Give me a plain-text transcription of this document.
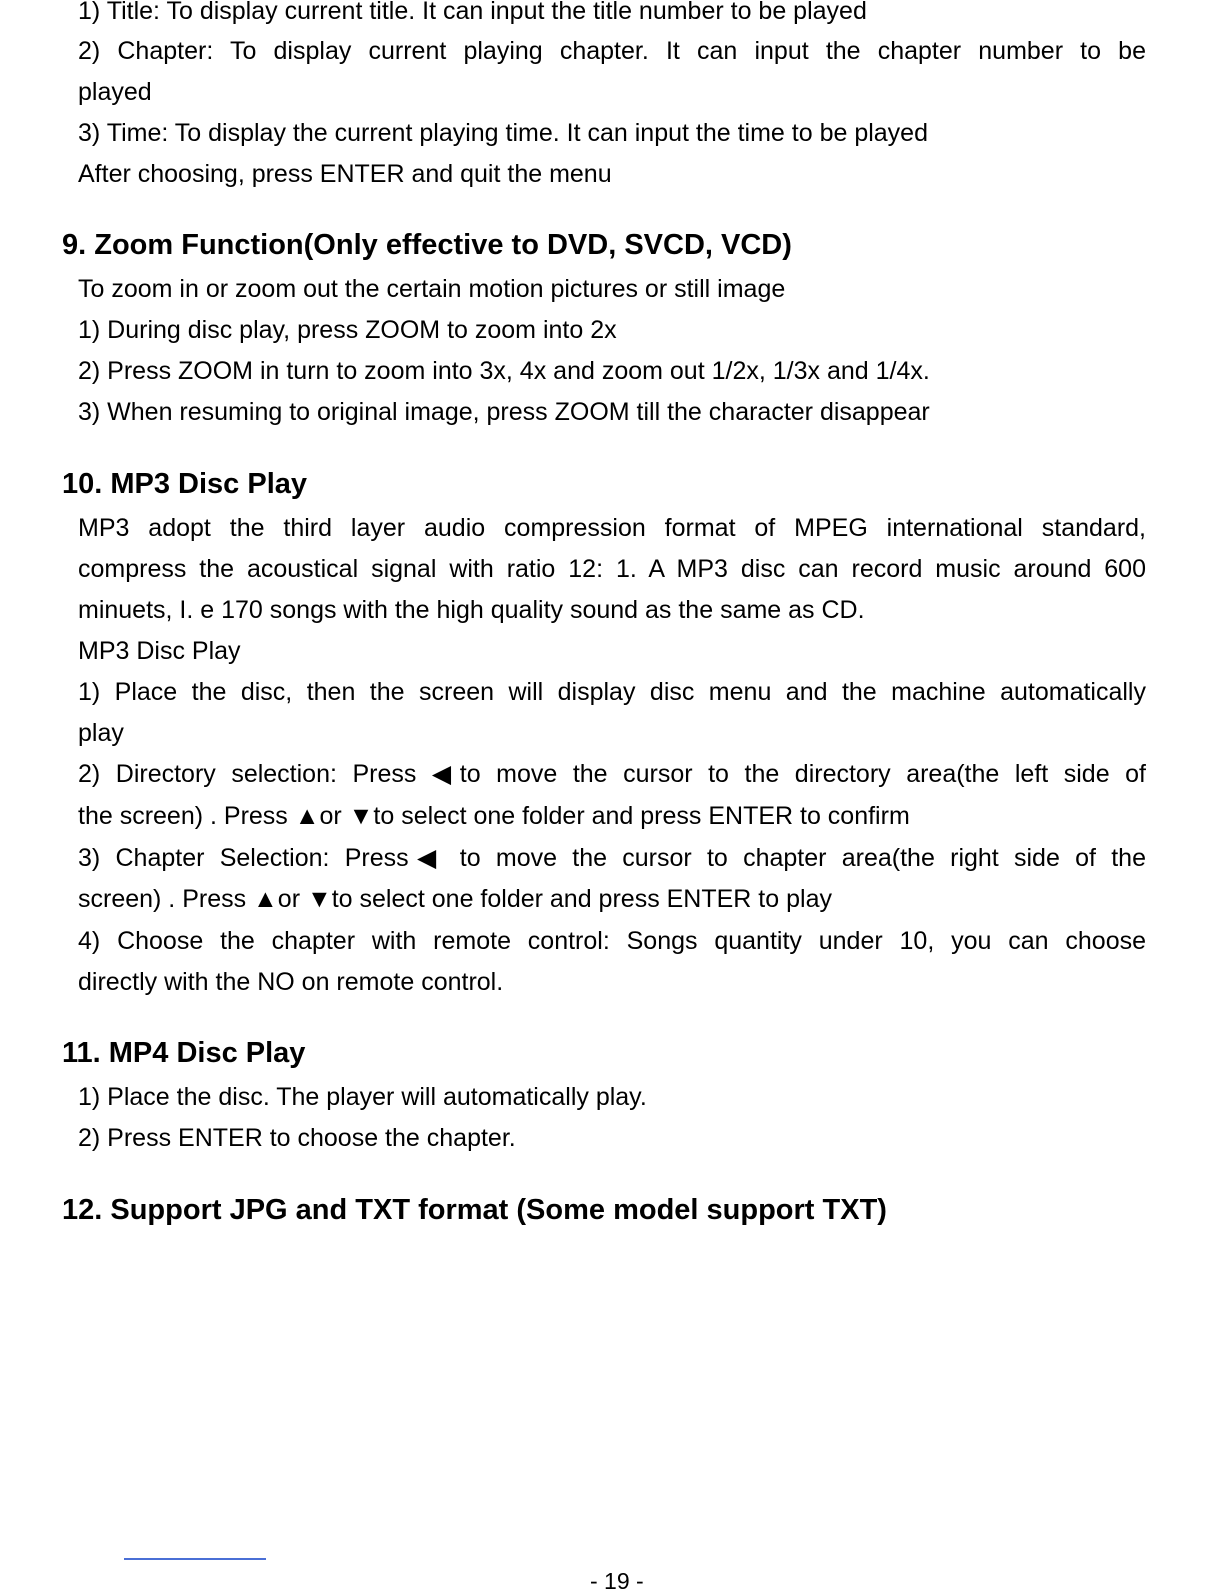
1) Title: To display current title. It can input the title number to be played
2) Chapter: To display current playing chapter. It can input the chapter number to be
played
3) Time: To display the current playing time. It can input the time to be played
After choosing, press ENTER and quit the menu
9. Zoom Function(Only effective to DVD, SVCD, VCD)
To zoom in or zoom out the certain motion pictures or still image
1) During disc play, press ZOOM to zoom into 2x
2) Press ZOOM in turn to zoom into 3x, 4x and zoom out 1/2x, 1/3x and 1/4x.
3) When resuming to original image, press ZOOM till the character disappear
10. MP3 Disc Play
MP3 adopt the third layer audio compression format of MPEG international standard,
compress the acoustical signal with ratio 12: 1. A MP3 disc can record music around 600
minuets, I. e 170 songs with the high quality sound as the same as CD.
MP3 Disc Play
1) Place the disc, then the screen will display disc menu and the machine automatically
play
2) Directory selection: Press ◀to move the cursor to the directory area(the left side of
the screen) . Press ▲or ▼to select one folder and press ENTER to confirm
3) Chapter Selection: Press◀ to move the cursor to chapter area(the right side of the
screen) . Press ▲or ▼to select one folder and press ENTER to play
4) Choose the chapter with remote control: Songs quantity under 10, you can choose
directly with the NO on remote control.
11. MP4 Disc Play
1) Place the disc. The player will automatically play.
2) Press ENTER to choose the chapter.
12. Support JPG and TXT format (Some model support TXT)
- 19 -
